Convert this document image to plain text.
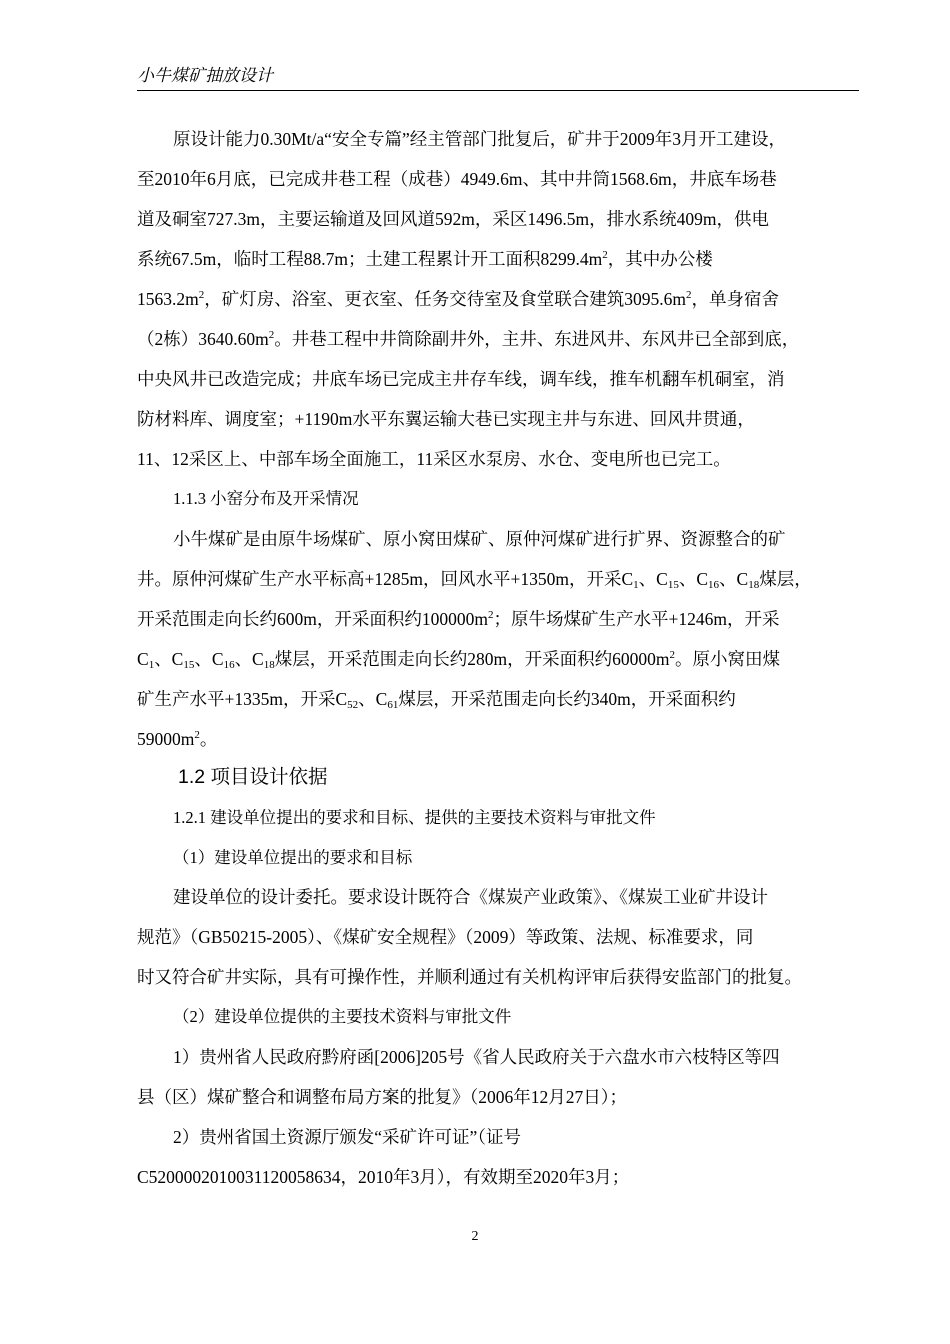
小牛煤矿抽放设计
原设计能力0.30Mt/a“安全专篇”经主管部门批复后，矿井于2009年3月开工建设，
至2010年6月底，已完成井巷工程（成巷）4949.6m、其中井筒1568.6m，井底车场巷
道及硐室727.3m，主要运输道及回风道592m，采区1496.5m，排水系统409m，供电
系统67.5m，临时工程88.7m；土建工程累计开工面积$8299.4m^2$，其中办公楼
$1563.2m^2$，矿灯房、浴室、更衣室、任务交待室及食堂联合建筑$3095.6m^2$，单身宿舍
（2栋）$3640.60m^2$。井巷工程中井筒除副井外，主井、东进风井、东风井已全部到底，
中央风井已改造完成；井底车场已完成主井存车线，调车线，推车机翻车机硐室，消
防材料库、调度室；+1190m水平东翼运输大巷已实现主井与东进、回风井贯通，
11、12采区上、中部车场全面施工，11采区水泵房、水仓、变电所也已完工。
1.1.3 小窑分布及开采情况
小牛煤矿是由原牛场煤矿、原小窝田煤矿、原仲河煤矿进行扩界、资源整合的矿
井。原仲河煤矿生产水平标高+1285m，回风水平+1350m，开采$C_1$、$C_{15}$、$C_{16}$、$C_{18}$煤层，
开采范围走向长约600m，开采面积约$100000m^2$；原牛场煤矿生产水平+1246m，开采
$C_1$、$C_{15}$、$C_{16}$、$C_{18}$煤层，开采范围走向长约280m，开采面积约$60000m^2$。原小窝田煤
矿生产水平+1335m，开采$C_{52}$、$C_{61}$煤层，开采范围走向长约340m，开采面积约
$59000m^2$。
1.2 项目设计依据
1.2.1 建设单位提出的要求和目标、提供的主要技术资料与审批文件
（1）建设单位提出的要求和目标
建设单位的设计委托。要求设计既符合《煤炭产业政策》、《煤炭工业矿井设计
规范》（GB50215-2005）、《煤矿安全规程》（2009）等政策、法规、标准要求，同
时又符合矿井实际，具有可操作性，并顺利通过有关机构评审后获得安监部门的批复。
（2）建设单位提供的主要技术资料与审批文件
1）贵州省人民政府黔府函[2006]205号《省人民政府关于六盘水市六枝特区等四
县（区）煤矿整合和调整布局方案的批复》（2006年12月27日）；
2）贵州省国土资源厅颁发“采矿许可证”（证号
C5200002010031120058634，2010年3月），有效期至2020年3月；
2
